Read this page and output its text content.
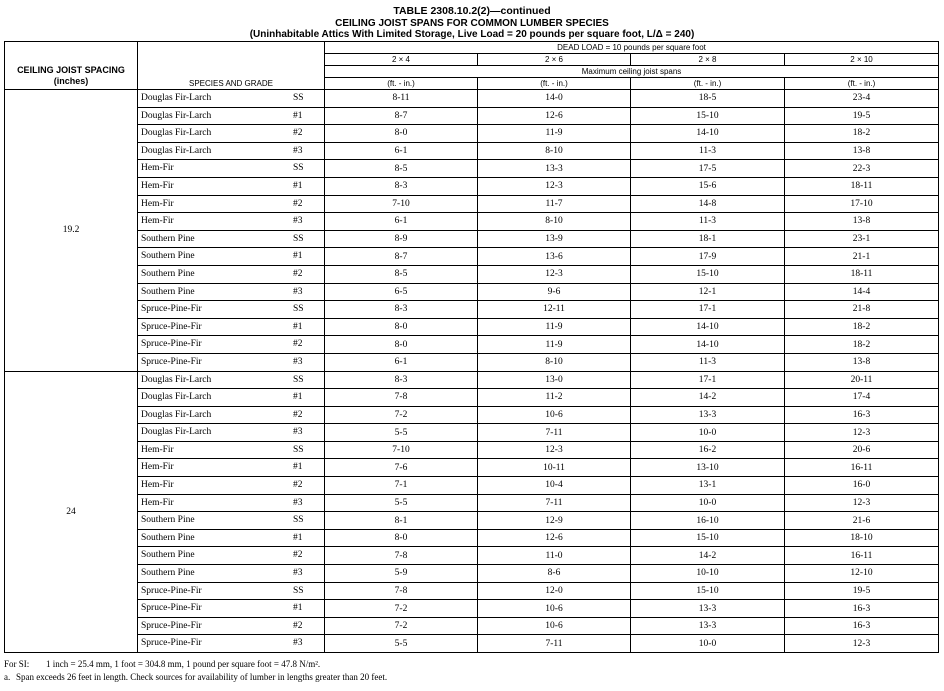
TABLE 2308.10.2(2)—continued
CEILING JOIST SPANS FOR COMMON LUMBER SPECIES
(Uninhabitable Attics With Limited Storage, Live Load = 20 pounds per square foot, L/Δ = 240)
CEILING JOIST SPACING
(inches)	SPECIES AND GRADE	DEAD LOAD = 10 pounds per square foot			
		2 × 4	2 × 6	2 × 8	2 × 10
		Maximum ceiling joist spans			
		(ft. - in.)	(ft. - in.)	(ft. - in.)	(ft. - in.)
19.2	Douglas Fir-Larch SS	8-11	14-0	18-5	23-4

	Douglas Fir-Larch #1	8-7	12-6	15-10	19-5

	Douglas Fir-Larch #2	8-0	11-9	14-10	18-2

	Douglas Fir-Larch #3	6-1	8-10	11-3	13-8

	Hem-Fir SS	8-5	13-3	17-5	22-3

	Hem-Fir #1	8-3	12-3	15-6	18-11

	Hem-Fir #2	7-10	11-7	14-8	17-10

	Hem-Fir #3	6-1	8-10	11-3	13-8

	Southern Pine SS	8-9	13-9	18-1	23-1

	Southern Pine #1	8-7	13-6	17-9	21-1

	Southern Pine #2	8-5	12-3	15-10	18-11

	Southern Pine #3	6-5	9-6	12-1	14-4

	Spruce-Pine-Fir SS	8-3	12-11	17-1	21-8

	Spruce-Pine-Fir #1	8-0	11-9	14-10	18-2

	Spruce-Pine-Fir #2	8-0	11-9	14-10	18-2

	Spruce-Pine-Fir #3	6-1	8-10	11-3	13-8
24	Douglas Fir-Larch SS	8-3	13-0	17-1	20-11

	Douglas Fir-Larch #1	7-8	11-2	14-2	17-4

	Douglas Fir-Larch #2	7-2	10-6	13-3	16-3

	Douglas Fir-Larch #3	5-5	7-11	10-0	12-3

	Hem-Fir SS	7-10	12-3	16-2	20-6

	Hem-Fir #1	7-6	10-11	13-10	16-11

	Hem-Fir #2	7-1	10-4	13-1	16-0

	Hem-Fir #3	5-5	7-11	10-0	12-3

	Southern Pine SS	8-1	12-9	16-10	21-6

	Southern Pine #1	8-0	12-6	15-10	18-10

	Southern Pine #2	7-8	11-0	14-2	16-11

	Southern Pine #3	5-9	8-6	10-10	12-10

	Spruce-Pine-Fir SS	7-8	12-0	15-10	19-5

	Spruce-Pine-Fir #1	7-2	10-6	13-3	16-3

	Spruce-Pine-Fir #2	7-2	10-6	13-3	16-3

	Spruce-Pine-Fir #3	5-5	7-11	10-0	12-3
For SI: 1 inch = 25.4 mm, 1 foot = 304.8 mm, 1 pound per square foot = 47.8 N/m².
a. Span exceeds 26 feet in length. Check sources for availability of lumber in lengths greater than 20 feet.
